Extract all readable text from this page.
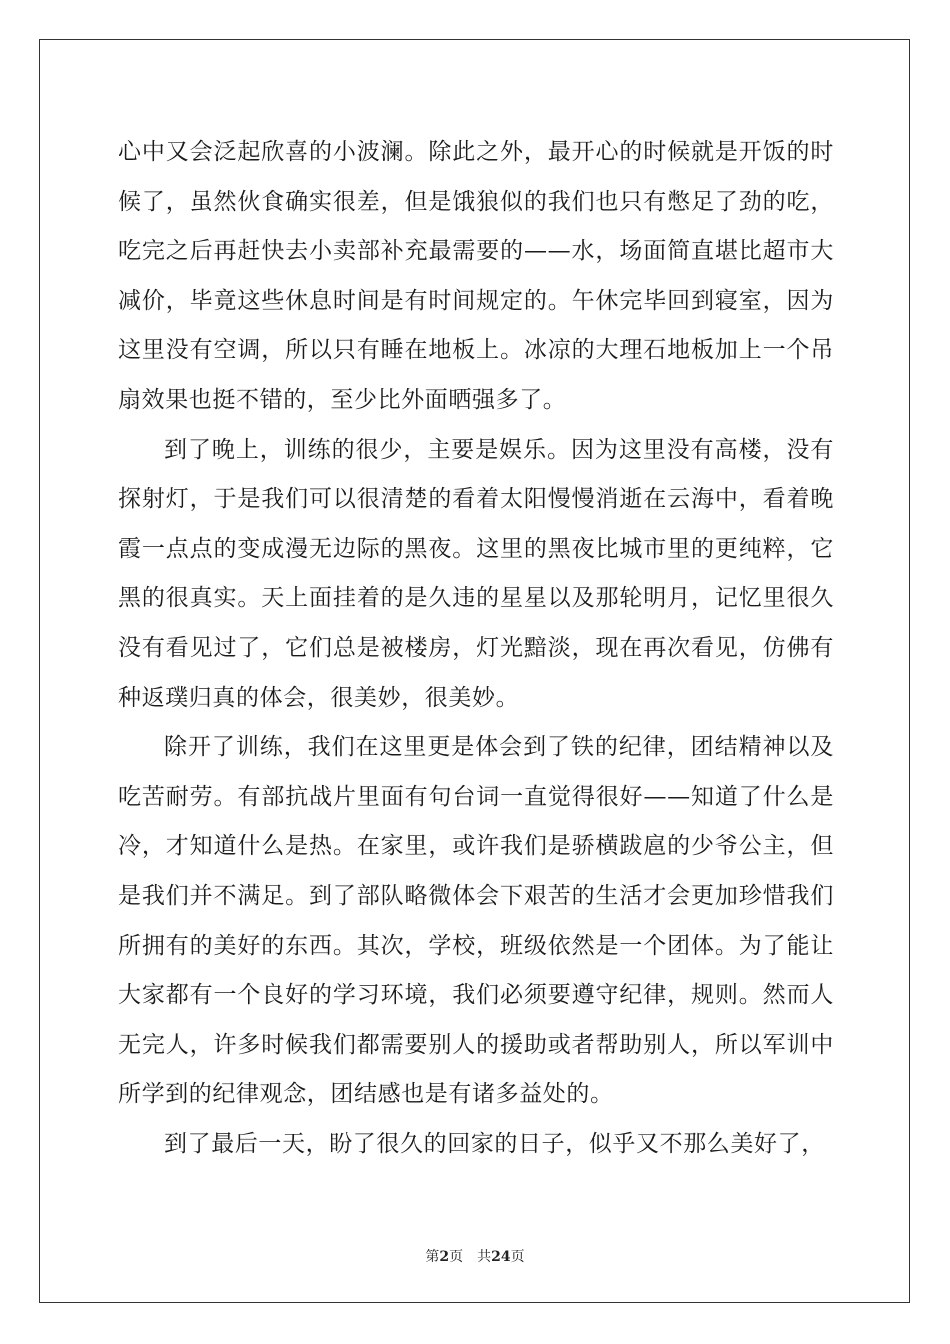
心中又会泛起欣喜的小波澜。除此之外，最开心的时候就是开饭的时候了，虽然伙食确实很差，但是饿狼似的我们也只有憋足了劲的吃，吃完之后再赶快去小卖部补充最需要的——水，场面简直堪比超市大减价，毕竟这些休息时间是有时间规定的。午休完毕回到寝室，因为这里没有空调，所以只有睡在地板上。冰凉的大理石地板加上一个吊扇效果也挺不错的，至少比外面晒强多了。

到了晚上，训练的很少，主要是娱乐。因为这里没有高楼，没有探射灯，于是我们可以很清楚的看着太阳慢慢消逝在云海中，看着晚霞一点点的变成漫无边际的黑夜。这里的黑夜比城市里的更纯粹，它黑的很真实。天上面挂着的是久违的星星以及那轮明月，记忆里很久没有看见过了，它们总是被楼房，灯光黯淡，现在再次看见，仿佛有种返璞归真的体会，很美妙，很美妙。

除开了训练，我们在这里更是体会到了铁的纪律，团结精神以及吃苦耐劳。有部抗战片里面有句台词一直觉得很好——知道了什么是冷，才知道什么是热。在家里，或许我们是骄横跋扈的少爷公主，但是我们并不满足。到了部队略微体会下艰苦的生活才会更加珍惜我们所拥有的美好的东西。其次，学校，班级依然是一个团体。为了能让大家都有一个良好的学习环境，我们必须要遵守纪律，规则。然而人无完人，许多时候我们都需要别人的援助或者帮助别人，所以军训中所学到的纪律观念，团结感也是有诸多益处的。

到了最后一天，盼了很久的回家的日子，似乎又不那么美好了，

第2页 共24页
